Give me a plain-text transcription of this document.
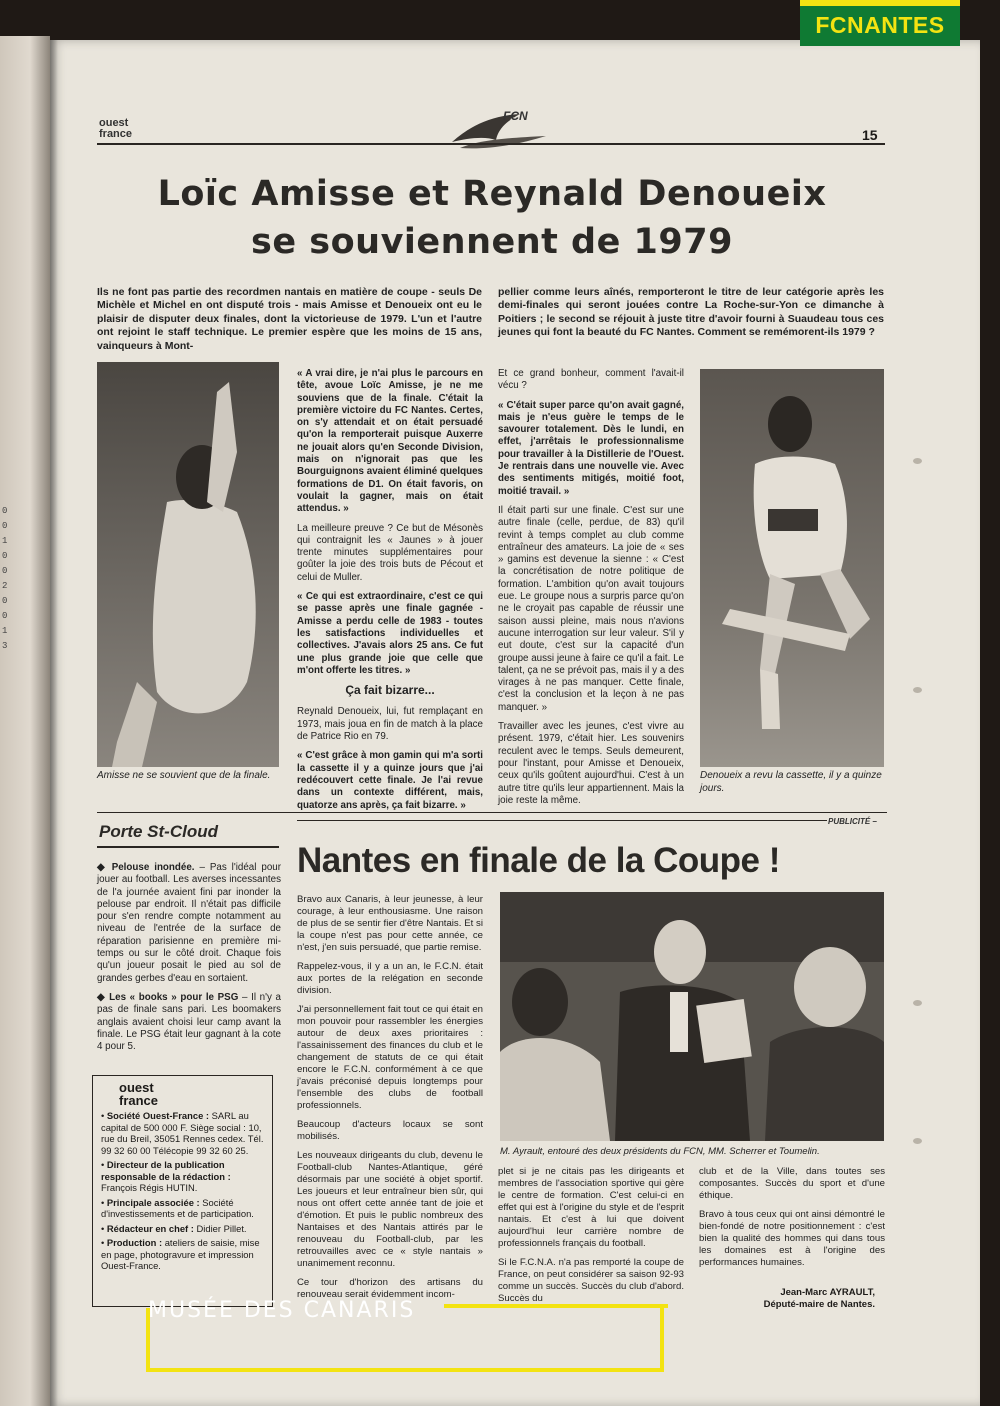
0
0
1
0
0
2
0
0
1
3
FCNANTES
ouest
france
FCN
15
Loïc Amisse et Reynald Denoueix
se souviennent de 1979
Ils ne font pas partie des recordmen nantais en matière de coupe - seuls De Michèle et Michel en ont disputé trois - mais Amisse et Denoueix ont eu le plaisir de disputer deux finales, dont la victorieuse de 1979. L'un et l'autre ont rejoint le staff technique. Le premier espère que les moins de 15 ans, vainqueurs à Mont-
pellier comme leurs aînés, remporteront le titre de leur catégorie après les demi-finales qui seront jouées contre La Roche-sur-Yon ce dimanche à Poitiers ; le second se réjouit à juste titre d'avoir fourni à Suaudeau tous ces jeunes qui font la beauté du FC Nantes. Comment se remémorent-ils 1979 ?
Amisse ne se souvient que de la finale.	Denoueix a revu la cassette, il y a quinze jours.

« A vrai dire, je n'ai plus le parcours en tête, avoue Loïc Amisse, je ne me souviens que de la finale. C'était la première victoire du FC Nantes. Certes, on s'y attendait et on était persuadé qu'on la remporterait puisque Auxerre ne jouait alors qu'en Seconde Division, mais on n'ignorait pas que les Bourguignons avaient éliminé quelques formations de D1. On était favoris, on voulait la gagner, mais on était attendus. »

La meilleure preuve ? Ce but de Mésonès qui contraignit les « Jaunes » à jouer trente minutes supplémentaires pour goûter la joie des trois buts de Pécout et celui de Muller.

« Ce qui est extraordinaire, c'est ce qui se passe après une finale gagnée - Amisse a perdu celle de 1983 - toutes les satisfactions individuelles et collectives. J'avais alors 25 ans. Ce fut une plus grande joie que celle que m'ont offerte les titres. »

Ça fait bizarre...

Reynald Denoueix, lui, fut remplaçant en 1973, mais joua en fin de match à la place de Patrice Rio en 79.

« C'est grâce à mon gamin qui m'a sorti la cassette il y a quinze jours que j'ai redécouvert cette finale. Je l'ai revue dans un contexte différent, mais, quatorze ans après, ça fait bizarre. »

Et ce grand bonheur, comment l'avait-il vécu ?

« C'était super parce qu'on avait gagné, mais je n'eus guère le temps de le savourer totalement. Dès le lundi, en effet, j'arrêtais le professionnalisme pour travailler à la Distillerie de l'Ouest. Je rentrais dans une nouvelle vie. Avec des sentiments mitigés, moitié foot, moitié travail. »

Il était parti sur une finale. C'est sur une autre finale (celle, perdue, de 83) qu'il revint à temps complet au club comme entraîneur des amateurs. La joie de « ses » gamins est devenue la sienne : « C'est la concrétisation de notre politique de formation. L'ambition qu'on avait toujours eue. Le groupe nous a surpris parce qu'on ne le croyait pas capable de réussir une saison aussi pleine, mais nous n'avions aucune interrogation sur leur valeur. S'il y eut doute, c'est sur la capacité d'un groupe aussi jeune à faire ce qu'il a fait. Le talent, ça ne se prévoit pas, mais il y a des virages à ne pas manquer. Cette finale, c'est la conclusion et la leçon à ne pas manquer. »

Travailler avec les jeunes, c'est vivre au présent. 1979, c'était hier. Les souvenirs reculent avec le temps. Seuls demeurent, pour l'instant, pour Amisse et Denoueix, ceux qu'ils goûtent aujourd'hui. C'est à un autre titre qu'ils leur appartiennent. Mais la joie reste la même.

Porte St-Cloud

◆ Pelouse inondée. – Pas l'idéal pour jouer au football. Les averses incessantes de l'a journée avaient fini par inonder la pelouse par endroit. Il n'était pas difficile pour s'en rendre compte notamment au niveau de l'entrée de la surface de réparation parisienne en première mi-temps ou sur le côté droit. Chaque fois qu'un joueur posait le pied au sol de grandes gerbes d'eau en sortaient.

◆ Les « books » pour le PSG – Il n'y a pas de finale sans pari. Les boomakers anglais avaient choisi leur camp avant la finale. Le PSG était leur gagnant à la cote 4 pour 5.

ouest
france
• Société Ouest-France : SARL au capital de 500 000 F. Siège social : 10, rue du Breil, 35051 Rennes cedex. Tél. 99 32 60 00 Télécopie 99 32 60 25.
• Directeur de la publication responsable de la rédaction : François Régis HUTIN.
• Principale associée : Société d'investissements et de participation.
• Rédacteur en chef : Didier Pillet.
• Production : ateliers de saisie, mise en page, photogravure et impression Ouest-France.
PUBLICITÉ –
Nantes en finale de la Coupe !

Bravo aux Canaris, à leur jeunesse, à leur courage, à leur enthousiasme. Une raison de plus de se sentir fier d'être Nantais. Et si la coupe n'est pas pour cette année, ce n'est, j'en suis persuadé, que partie remise.

Rappelez-vous, il y a un an, le F.C.N. était aux portes de la relégation en seconde division.

J'ai personnellement fait tout ce qui était en mon pouvoir pour rassembler les énergies autour de deux axes prioritaires : l'assainissement des finances du club et le changement de statuts de ce qui était encore le F.C.N. conformément à ce que j'avais préconisé depuis longtemps pour l'ensemble des clubs de football professionnels.

Beaucoup d'acteurs locaux se sont mobilisés.

Les nouveaux dirigeants du club, devenu le Football-club Nantes-Atlantique, géré désormais par une société à objet sportif. Les joueurs et leur entraîneur bien sûr, qui nous ont offert cette année tant de joie et d'émotion. Et puis le public nombreux des Nantaises et des Nantais attirés par le renouveau du Football-club, par les retrouvailles avec ce « style nantais » unanimement reconnu.

Ce tour d'horizon des artisans du renouveau serait évidemment incom-

M. Ayrault, entouré des deux présidents du FCN, MM. Scherrer et Toumelin.

plet si je ne citais pas les dirigeants et membres de l'association sportive qui gère le centre de formation. C'est celui-ci en effet qui est à l'origine du style et de l'esprit nantais. Et c'est à lui que doivent aujourd'hui leur carrière nombre de professionnels français du football.

Si le F.C.N.A. n'a pas remporté la coupe de France, on peut considérer sa saison 92-93 comme un succès. Succès du club d'abord. Succès du

club et de la Ville, dans toutes ses composantes. Succès du sport et d'une éthique.

Bravo à tous ceux qui ont ainsi démontré le bien-fondé de notre positionnement : c'est bien la qualité des hommes qui dans tous les domaines est à l'origine des performances humaines.

Jean-Marc AYRAULT,
Député-maire de Nantes.
MUSÉE DES CANARIS
